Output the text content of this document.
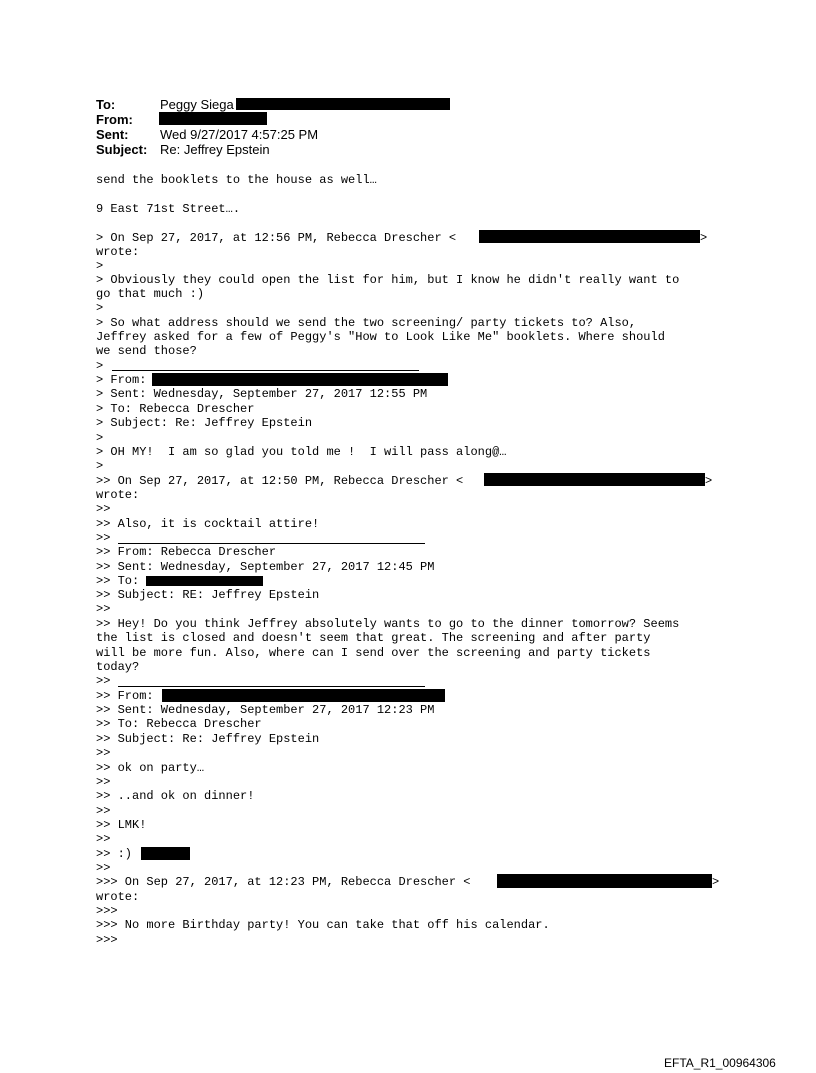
To:	Peggy Siega
From:
Sent: Wed 9/27/2017 4:57:25 PM
Subject: Re: Jeffrey Epstein
send the booklets to the house as well…
9 East 71st Street….
> On Sep 27, 2017, at 12:56 PM, Rebecca Drescher <	>
wrote:
>
> Obviously they could open the list for him, but I know he didn't really want to
go that much :)
>
> So what address should we send the two screening/ party tickets to? Also,
Jeffrey asked for a few of Peggy's "How to Look Like Me" booklets. Where should
we send those?
>
> From:
> Sent: Wednesday, September 27, 2017 12:55 PM
> To: Rebecca Drescher
> Subject: Re: Jeffrey Epstein
>
> OH MY!  I am so glad you told me !  I will pass along@…
>
>> On Sep 27, 2017, at 12:50 PM, Rebecca Drescher <	>
wrote:
>>
>> Also, it is cocktail attire!
>>
>> From: Rebecca Drescher
>> Sent: Wednesday, September 27, 2017 12:45 PM
>> To:
>> Subject: RE: Jeffrey Epstein
>>
>> Hey! Do you think Jeffrey absolutely wants to go to the dinner tomorrow? Seems
the list is closed and doesn't seem that great. The screening and after party
will be more fun. Also, where can I send over the screening and party tickets
today?
>>
>> From:
>> Sent: Wednesday, September 27, 2017 12:23 PM
>> To: Rebecca Drescher
>> Subject: Re: Jeffrey Epstein
>>
>> ok on party…
>>
>> ..and ok on dinner!
>>
>> LMK!
>>
>> :)
>>
>>> On Sep 27, 2017, at 12:23 PM, Rebecca Drescher <	>
wrote:
>>>
>>> No more Birthday party! You can take that off his calendar.
>>>
EFTA_R1_00964306
